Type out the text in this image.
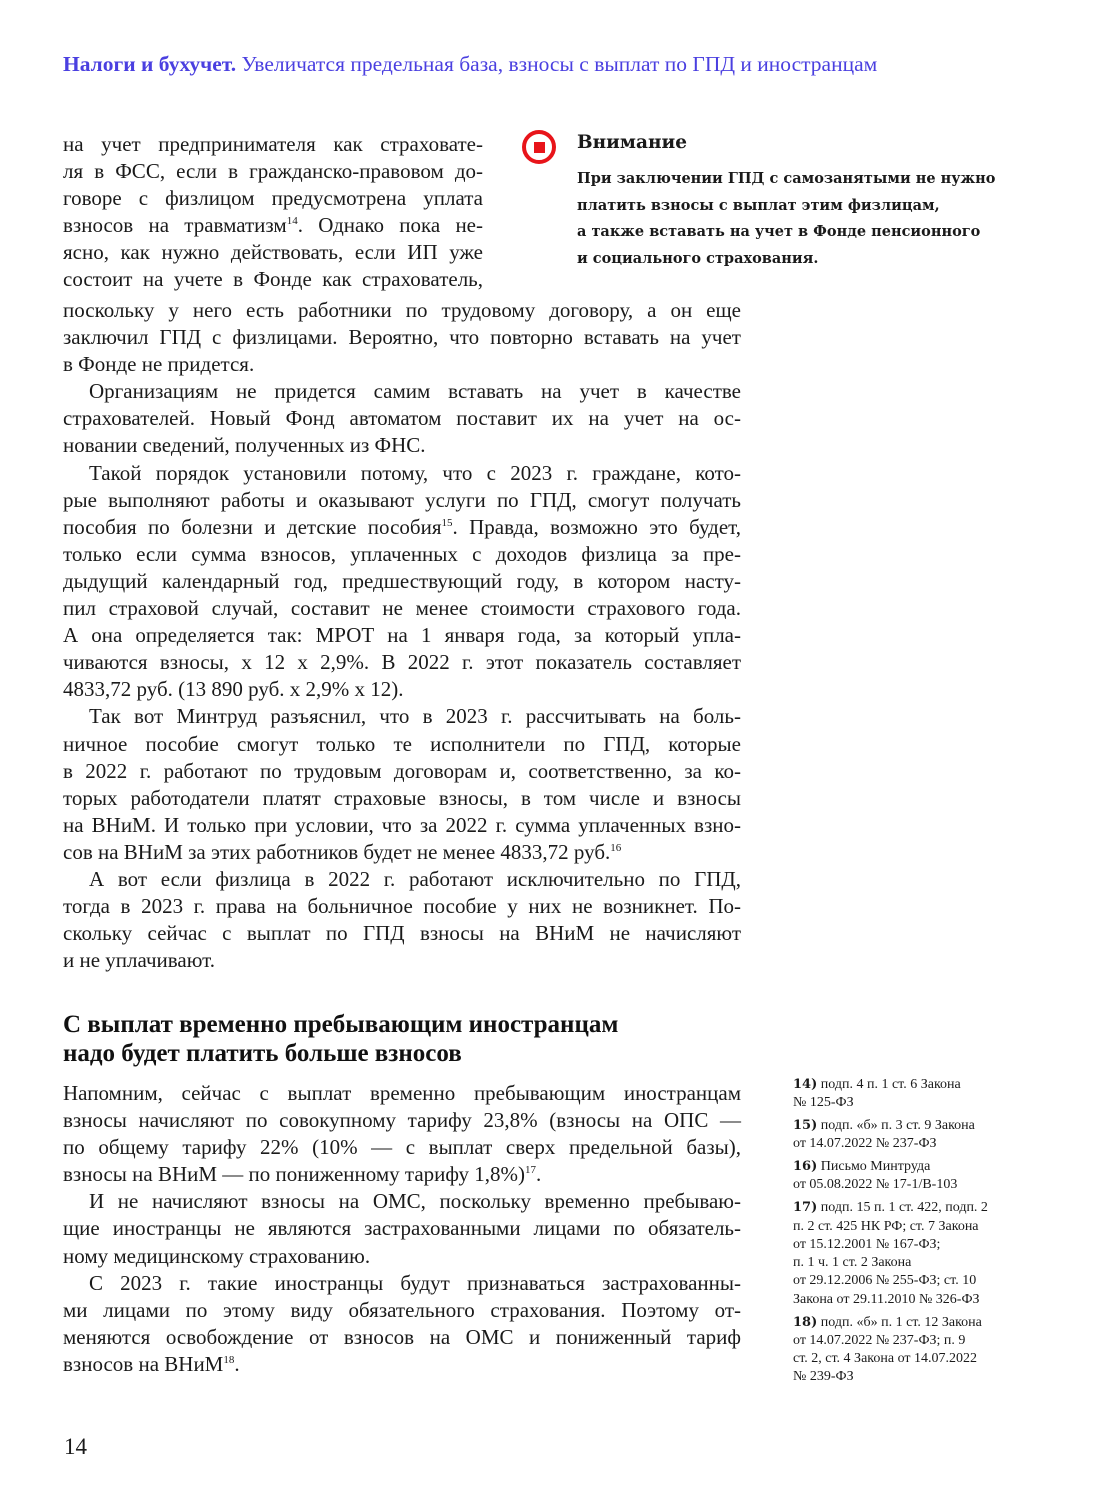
Налоги и бухучет. Увеличатся предельная база, взносы с выплат по ГПД и иностранцам
на учет предпринимателя как страховате-
ля в ФСС, если в гражданско-правовом до-
говоре с физлицом предусмотрена уплата
взносов на травматизм$^{14}$. Однако пока не-
ясно, как нужно действовать, если ИП уже
состоит на учете в Фонде как страхователь,
Внимание
При заключении ГПД с самозанятыми не нужно
платить взносы с выплат этим физлицам,
а также вставать на учет в Фонде пенсионного
и социального страхования.
поскольку у него есть работники по трудовому договору, а он еще
заключил ГПД с физлицами. Вероятно, что повторно вставать на учет
в Фонде не придется.
Организациям не придется самим вставать на учет в качестве
страхователей. Новый Фонд автоматом поставит их на учет на ос-
новании сведений, полученных из ФНС.
Такой порядок установили потому, что с 2023 г. граждане, кото-
рые выполняют работы и оказывают услуги по ГПД, смогут получать
пособия по болезни и детские пособия$^{15}$. Правда, возможно это будет,
только если сумма взносов, уплаченных с доходов физлица за пре-
дыдущий календарный год, предшествующий году, в котором насту-
пил страховой случай, составит не менее стоимости страхового года.
А она определяется так: МРОТ на 1 января года, за который упла-
чиваются взносы, х 12 х 2,9%. В 2022 г. этот показатель составляет
4833,72 руб. (13 890 руб. х 2,9% х 12).
Так вот Минтруд разъяснил, что в 2023 г. рассчитывать на боль-
ничное пособие смогут только те исполнители по ГПД, которые
в 2022 г. работают по трудовым договорам и, соответственно, за ко-
торых работодатели платят страховые взносы, в том числе и взносы
на ВНиМ. И только при условии, что за 2022 г. сумма уплаченных взно-
сов на ВНиМ за этих работников будет не менее 4833,72 руб.$^{16}$
А вот если физлица в 2022 г. работают исключительно по ГПД,
тогда в 2023 г. права на больничное пособие у них не возникнет. По-
скольку сейчас с выплат по ГПД взносы на ВНиМ не начисляют
и не уплачивают.
С выплат временно пребывающим иностранцам
надо будет платить больше взносов
Напомним, сейчас с выплат временно пребывающим иностранцам
взносы начисляют по совокупному тарифу 23,8% (взносы на ОПС —
по общему тарифу 22% (10% — с выплат сверх предельной базы),
взносы на ВНиМ — по пониженному тарифу 1,8%)$^{17}$.
И не начисляют взносы на ОМС, поскольку временно пребываю-
щие иностранцы не являются застрахованными лицами по обязатель-
ному медицинскому страхованию.
С 2023 г. такие иностранцы будут признаваться застрахованны-
ми лицами по этому виду обязательного страхования. Поэтому от-
меняются освобождение от взносов на ОМС и пониженный тариф
взносов на ВНиМ$^{18}$.
14) подп. 4 п. 1 ст. 6 Закона
№ 125-ФЗ
15) подп. «б» п. 3 ст. 9 Закона
от 14.07.2022 № 237-ФЗ
16) Письмо Минтруда
от 05.08.2022 № 17-1/В-103
17) подп. 15 п. 1 ст. 422, подп. 2
п. 2 ст. 425 НК РФ; ст. 7 Закона
от 15.12.2001 № 167-ФЗ;
п. 1 ч. 1 ст. 2 Закона
от 29.12.2006 № 255-ФЗ; ст. 10
Закона от 29.11.2010 № 326-ФЗ
18) подп. «б» п. 1 ст. 12 Закона
от 14.07.2022 № 237-ФЗ; п. 9
ст. 2, ст. 4 Закона от 14.07.2022
№ 239-ФЗ
14
